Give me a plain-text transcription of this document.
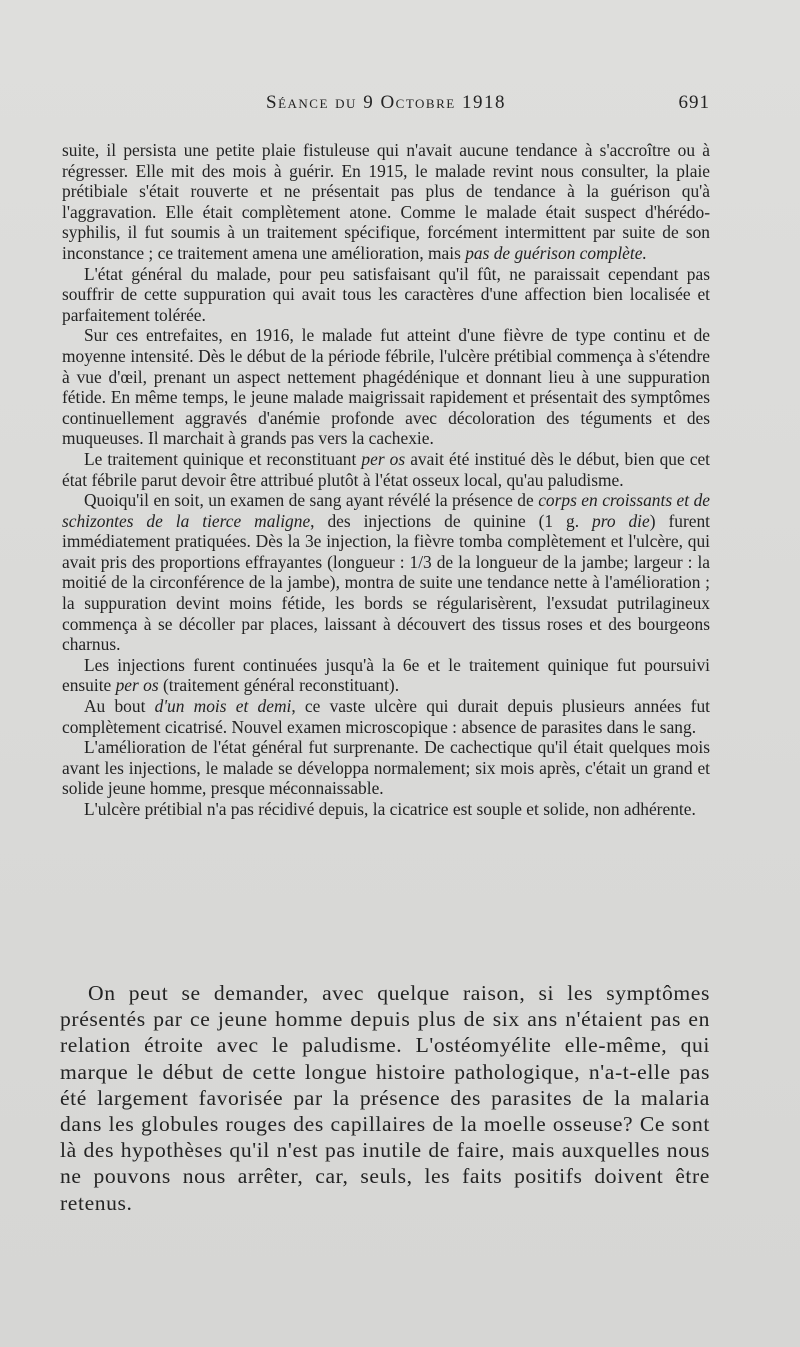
Séance du 9 Octobre 1918	691

suite, il persista une petite plaie fistuleuse qui n'avait aucune tendance à s'accroître ou à régresser. Elle mit des mois à guérir. En 1915, le malade revint nous consulter, la plaie prétibiale s'était rouverte et ne présentait pas plus de tendance à la guérison qu'à l'aggravation. Elle était complètement atone. Comme le malade était suspect d'hérédo-syphilis, il fut soumis à un traitement spécifique, forcément intermittent par suite de son inconstance ; ce traitement amena une amélioration, mais pas de guérison complète.

L'état général du malade, pour peu satisfaisant qu'il fût, ne paraissait cependant pas souffrir de cette suppuration qui avait tous les caractères d'une affection bien localisée et parfaitement tolérée.

Sur ces entrefaites, en 1916, le malade fut atteint d'une fièvre de type continu et de moyenne intensité. Dès le début de la période fébrile, l'ulcère prétibial commença à s'étendre à vue d'œil, prenant un aspect nettement phagédénique et donnant lieu à une suppuration fétide. En même temps, le jeune malade maigrissait rapidement et présentait des symptômes continuellement aggravés d'anémie profonde avec décoloration des téguments et des muqueuses. Il marchait à grands pas vers la cachexie.

Le traitement quinique et reconstituant per os avait été institué dès le début, bien que cet état fébrile parut devoir être attribué plutôt à l'état osseux local, qu'au paludisme.

Quoiqu'il en soit, un examen de sang ayant révélé la présence de corps en croissants et de schizontes de la tierce maligne, des injections de quinine (1 g. pro die) furent immédiatement pratiquées. Dès la 3e injection, la fièvre tomba complètement et l'ulcère, qui avait pris des proportions effrayantes (longueur : 1/3 de la longueur de la jambe; largeur : la moitié de la circonférence de la jambe), montra de suite une tendance nette à l'amélioration ; la suppuration devint moins fétide, les bords se régularisèrent, l'exsudat putrilagineux commença à se décoller par places, laissant à découvert des tissus roses et des bourgeons charnus.

Les injections furent continuées jusqu'à la 6e et le traitement quinique fut poursuivi ensuite per os (traitement général reconstituant).

Au bout d'un mois et demi, ce vaste ulcère qui durait depuis plusieurs années fut complètement cicatrisé. Nouvel examen microscopique : absence de parasites dans le sang.

L'amélioration de l'état général fut surprenante. De cachectique qu'il était quelques mois avant les injections, le malade se développa normalement; six mois après, c'était un grand et solide jeune homme, presque méconnaissable.

L'ulcère prétibial n'a pas récidivé depuis, la cicatrice est souple et solide, non adhérente.

On peut se demander, avec quelque raison, si les symptômes présentés par ce jeune homme depuis plus de six ans n'étaient pas en relation étroite avec le paludisme. L'ostéomyélite elle-même, qui marque le début de cette longue histoire pathologique, n'a-t-elle pas été largement favorisée par la présence des parasites de la malaria dans les globules rouges des capillaires de la moelle osseuse? Ce sont là des hypothèses qu'il n'est pas inutile de faire, mais auxquelles nous ne pouvons nous arrêter, car, seuls, les faits positifs doivent être retenus.
